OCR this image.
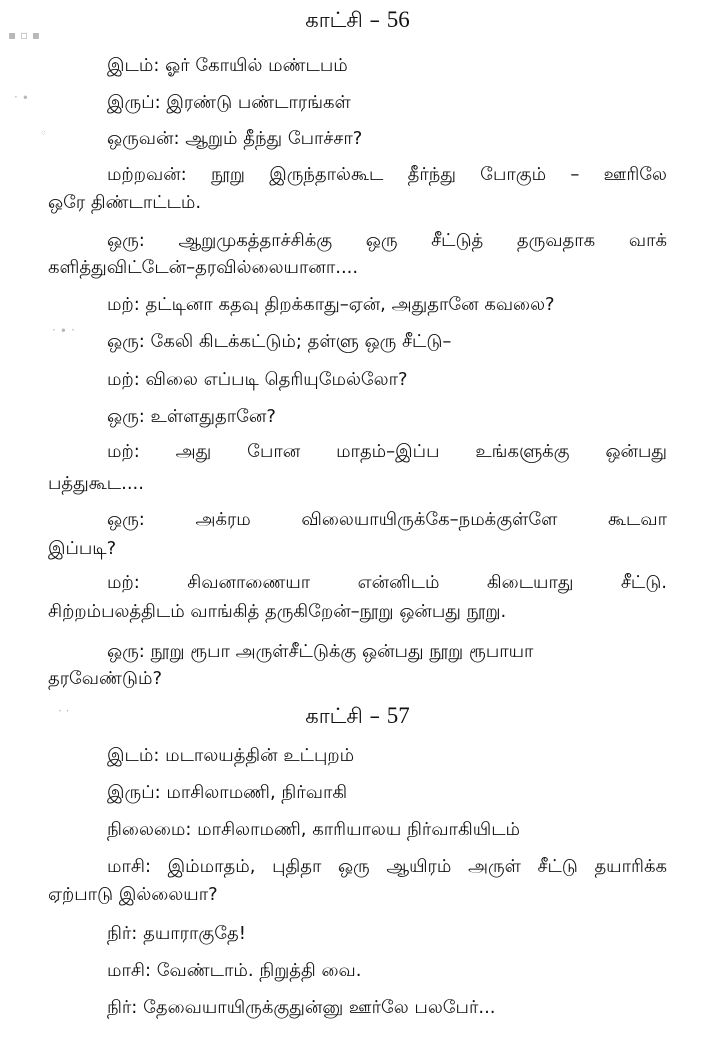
▪ ▫ ▪
· ∙
◦
· ∙ ·
· ·
காட்சி – 56
இடம்: ஓர் கோயில் மண்டபம்
இருப்: இரண்டு பண்டாரங்கள்
ஒருவன்: ஆறும் தீந்து போச்சா?
மற்றவன்: நூறு இருந்தால்கூட தீர்ந்து போகும் – ஊரிலே
ஒரே திண்டாட்டம்.
ஒரு: ஆறுமுகத்தாச்சிக்கு ஒரு சீட்டுத் தருவதாக வாக்
களித்துவிட்டேன்–தரவில்லையானா....
மற்: தட்டினா கதவு திறக்காது–ஏன், அதுதானே கவலை?
ஒரு: கேலி கிடக்கட்டும்; தள்ளு ஒரு சீட்டு–
மற்: விலை எப்படி தெரியுமேல்லோ?
ஒரு: உள்ளதுதானே?
மற்: அது போன மாதம்–இப்ப உங்களுக்கு ஒன்பது
பத்துகூட....
ஒரு: அக்ரம விலையாயிருக்கே–நமக்குள்ளே கூடவா
இப்படி?
மற்: சிவனாணையா என்னிடம் கிடையாது சீட்டு.
சிற்றம்பலத்திடம் வாங்கித் தருகிறேன்–நூறு ஒன்பது நூறு.
ஒரு: நூறு ரூபா அருள்சீட்டுக்கு ஒன்பது நூறு ரூபாயா
தரவேண்டும்?
காட்சி – 57
இடம்: மடாலயத்தின் உட்புறம்
இருப்: மாசிலாமணி, நிர்வாகி
நிலைமை: மாசிலாமணி, காரியாலய நிர்வாகியிடம்
மாசி: இம்மாதம், புதிதா ஒரு ஆயிரம் அருள் சீட்டு தயாரிக்க
ஏற்பாடு இல்லையா?
நிர்: தயாராகுதே!
மாசி: வேண்டாம். நிறுத்தி வை.
நிர்: தேவையாயிருக்குதுன்னு ஊர்லே பலபேர்...
